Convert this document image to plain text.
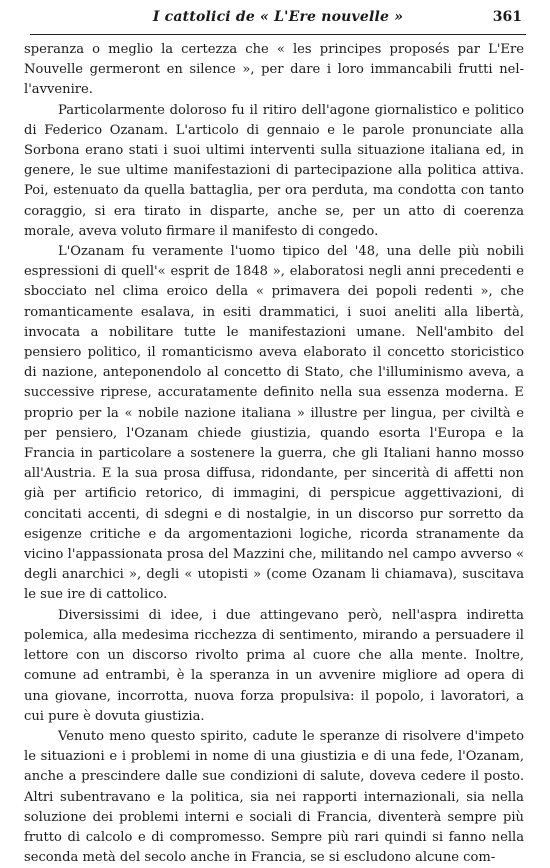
I cattolici de « L'Ere nouvelle »	361

speranza o meglio la certezza che « les principes proposés par L'Ere Nouvelle germeront en silence », per dare i loro immancabili frutti nel-l'avvenire.

Particolarmente doloroso fu il ritiro dell'agone giornalistico e politico di Federico Ozanam. L'articolo di gennaio e le parole pronunciate alla Sorbona erano stati i suoi ultimi interventi sulla situazione italiana ed, in genere, le sue ultime manifestazioni di partecipazione alla politica attiva. Poi, estenuato da quella battaglia, per ora perduta, ma condotta con tanto coraggio, si era tirato in disparte, anche se, per un atto di coerenza morale, aveva voluto firmare il manifesto di congedo.

L'Ozanam fu veramente l'uomo tipico del '48, una delle più nobili espressioni di quell'« esprit de 1848 », elaboratosi negli anni precedenti e sbocciato nel clima eroico della « primavera dei popoli redenti », che romanticamente esalava, in esiti drammatici, i suoi aneliti alla libertà, invocata a nobilitare tutte le manifestazioni umane. Nell'ambito del pensiero politico, il romanticismo aveva elaborato il concetto storicistico di nazione, anteponendolo al concetto di Stato, che l'illuminismo aveva, a successive riprese, accuratamente definito nella sua essenza moderna. E proprio per la « nobile nazione italiana » illustre per lingua, per civiltà e per pensiero, l'Ozanam chiede giustizia, quando esorta l'Europa e la Francia in particolare a sostenere la guerra, che gli Italiani hanno mosso all'Austria. E la sua prosa diffusa, ridondante, per sincerità di affetti non già per artificio retorico, di immagini, di perspicue aggettivazioni, di concitati accenti, di sdegni e di nostalgie, in un discorso pur sorretto da esigenze critiche e da argomentazioni logiche, ricorda stranamente da vicino l'appassionata prosa del Mazzini che, militando nel campo avverso « degli anarchici », degli « utopisti » (come Ozanam li chiamava), suscitava le sue ire di cattolico.

Diversissimi di idee, i due attingevano però, nell'aspra indiretta polemica, alla medesima ricchezza di sentimento, mirando a persuadere il lettore con un discorso rivolto prima al cuore che alla mente. Inoltre, comune ad entrambi, è la speranza in un avvenire migliore ad opera di una giovane, incorrotta, nuova forza propulsiva: il popolo, i lavoratori, a cui pure è dovuta giustizia.

Venuto meno questo spirito, cadute le speranze di risolvere d'impeto le situazioni e i problemi in nome di una giustizia e di una fede, l'Ozanam, anche a prescindere dalle sue condizioni di salute, doveva cedere il posto. Altri subentravano e la politica, sia nei rapporti internazionali, sia nella soluzione dei problemi interni e sociali di Francia, diventerà sempre più frutto di calcolo e di compromesso. Sempre più rari quindi si fanno nella seconda metà del secolo anche in Francia, se si escludono alcune com-
